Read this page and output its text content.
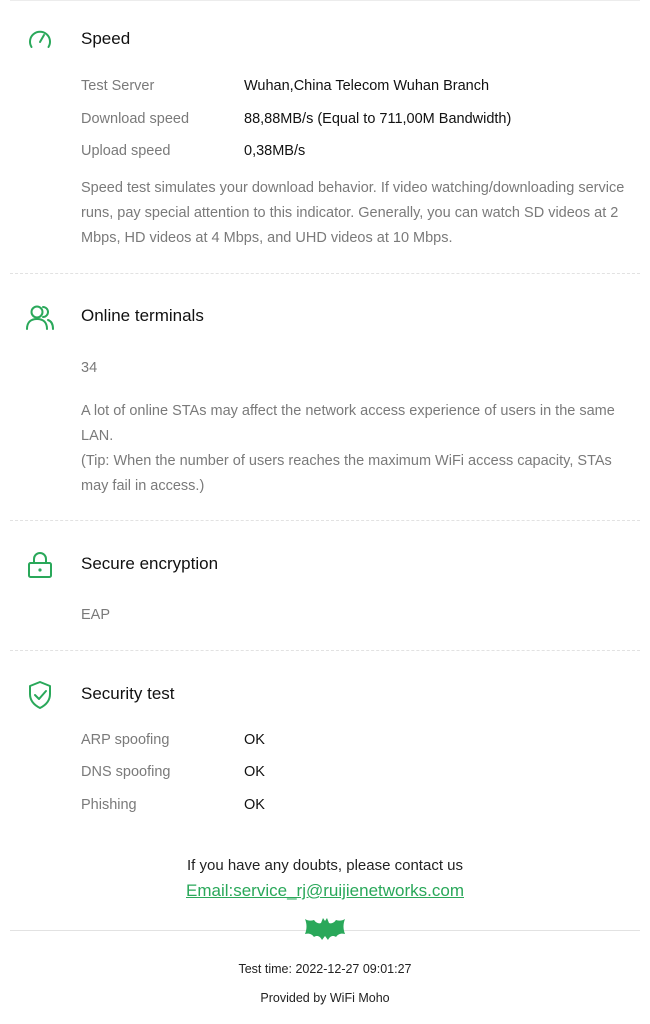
Speed
Test Server	Wuhan,China Telecom Wuhan Branch
Download speed	88,88MB/s (Equal to 711,00M Bandwidth)
Upload speed	0,38MB/s
Speed test simulates your download behavior. If video watching/downloading service runs, pay special attention to this indicator. Generally, you can watch SD videos at 2 Mbps, HD videos at 4 Mbps, and UHD videos at 10 Mbps.
Online terminals
34
A lot of online STAs may affect the network access experience of users in the same LAN.
(Tip: When the number of users reaches the maximum WiFi access capacity, STAs may fail in access.)
Secure encryption
EAP
Security test
ARP spoofing	OK
DNS spoofing	OK
Phishing	OK
If you have any doubts, please contact us
Email:service_rj@ruijienetworks.com
Test time: 2022-12-27 09:01:27
Provided by WiFi Moho
